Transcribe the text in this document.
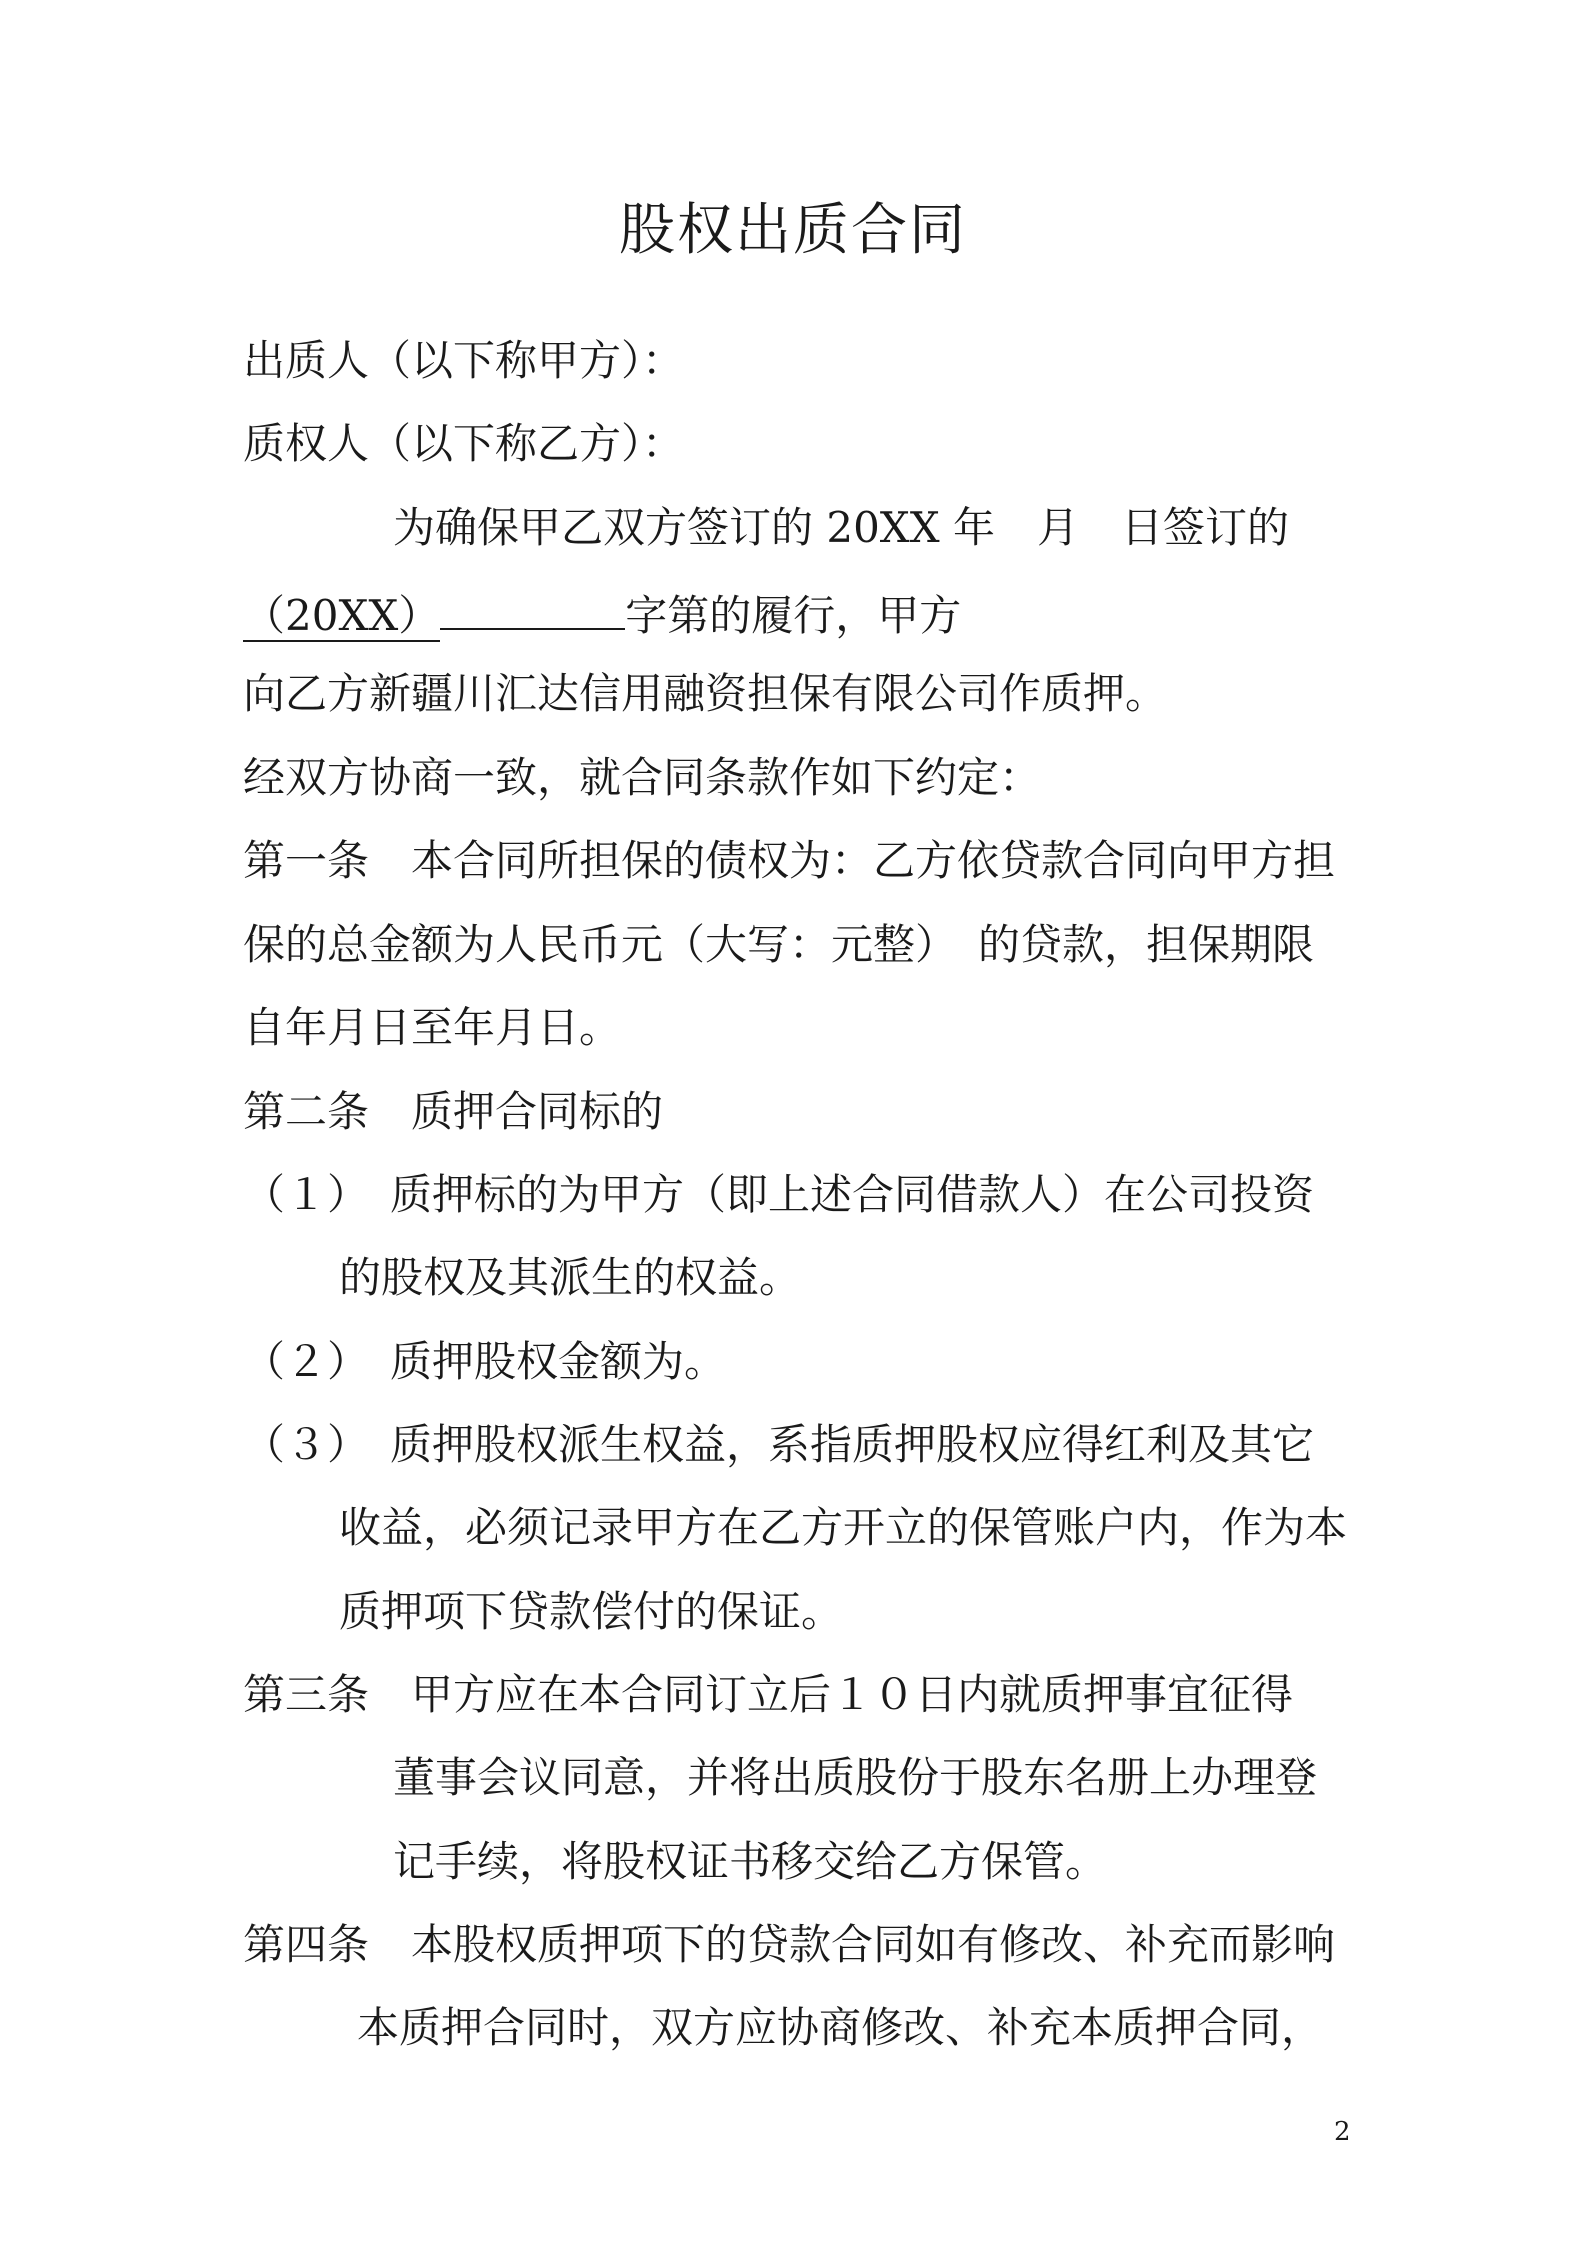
股权出质合同
出质人（以下称甲方）：
质权人（以下称乙方）：
为确保甲乙双方签订的 20XX 年　月　日签订的
（20XX）	字第的履行，甲方
向乙方新疆川汇达信用融资担保有限公司作质押。
经双方协商一致，就合同条款作如下约定：
第一条　本合同所担保的债权为：乙方依贷款合同向甲方担
保的总金额为人民币元（大写：元整）　的贷款，担保期限
自年月日至年月日。
第二条　质押合同标的
（１）　质押标的为甲方（即上述合同借款人）在公司投资
的股权及其派生的权益。
（２）　质押股权金额为。
（３）　质押股权派生权益，系指质押股权应得红利及其它
收益，必须记录甲方在乙方开立的保管账户内，作为本
质押项下贷款偿付的保证。
第三条　甲方应在本合同订立后１０日内就质押事宜征得
董事会议同意，并将出质股份于股东名册上办理登
记手续，将股权证书移交给乙方保管。
第四条　本股权质押项下的贷款合同如有修改、补充而影响
本质押合同时，双方应协商修改、补充本质押合同，
2
